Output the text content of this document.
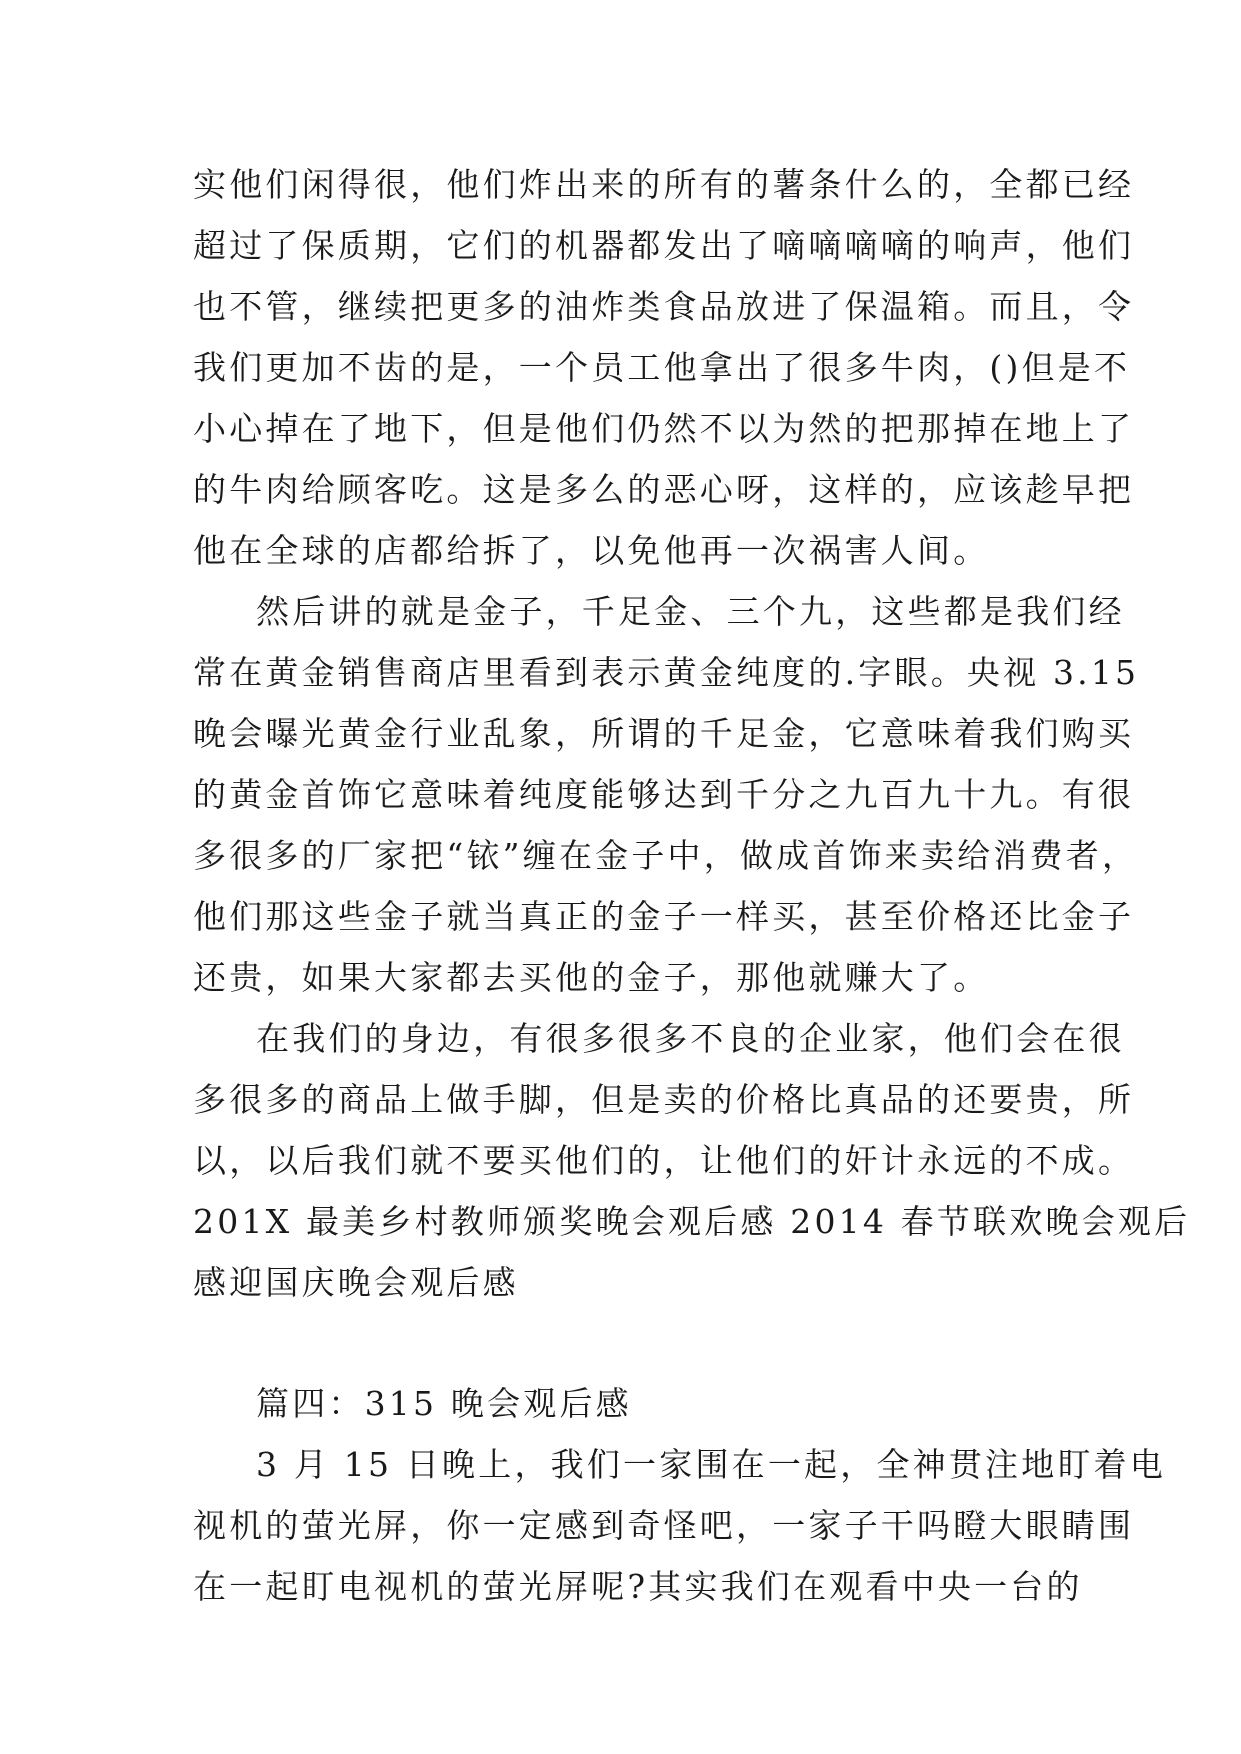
实他们闲得很，他们炸出来的所有的薯条什么的，全都已经
超过了保质期，它们的机器都发出了嘀嘀嘀嘀的响声，他们
也不管，继续把更多的油炸类食品放进了保温箱。而且，令
我们更加不齿的是，一个员工他拿出了很多牛肉，()但是不
小心掉在了地下，但是他们仍然不以为然的把那掉在地上了
的牛肉给顾客吃。这是多么的恶心呀，这样的，应该趁早把
他在全球的店都给拆了，以免他再一次祸害人间。
然后讲的就是金子，千足金、三个九，这些都是我们经
常在黄金销售商店里看到表示黄金纯度的.字眼。央视 3.15
晚会曝光黄金行业乱象，所谓的千足金，它意味着我们购买
的黄金首饰它意味着纯度能够达到千分之九百九十九。有很
多很多的厂家把“铱”缠在金子中，做成首饰来卖给消费者，
他们那这些金子就当真正的金子一样买，甚至价格还比金子
还贵，如果大家都去买他的金子，那他就赚大了。
在我们的身边，有很多很多不良的企业家，他们会在很
多很多的商品上做手脚，但是卖的价格比真品的还要贵，所
以，以后我们就不要买他们的，让他们的奸计永远的不成。
201X 最美乡村教师颁奖晚会观后感 2014 春节联欢晚会观后
感迎国庆晚会观后感
篇四：315 晚会观后感
3 月 15 日晚上，我们一家围在一起，全神贯注地盯着电
视机的萤光屏，你一定感到奇怪吧，一家子干吗瞪大眼睛围
在一起盯电视机的萤光屏呢?其实我们在观看中央一台的
